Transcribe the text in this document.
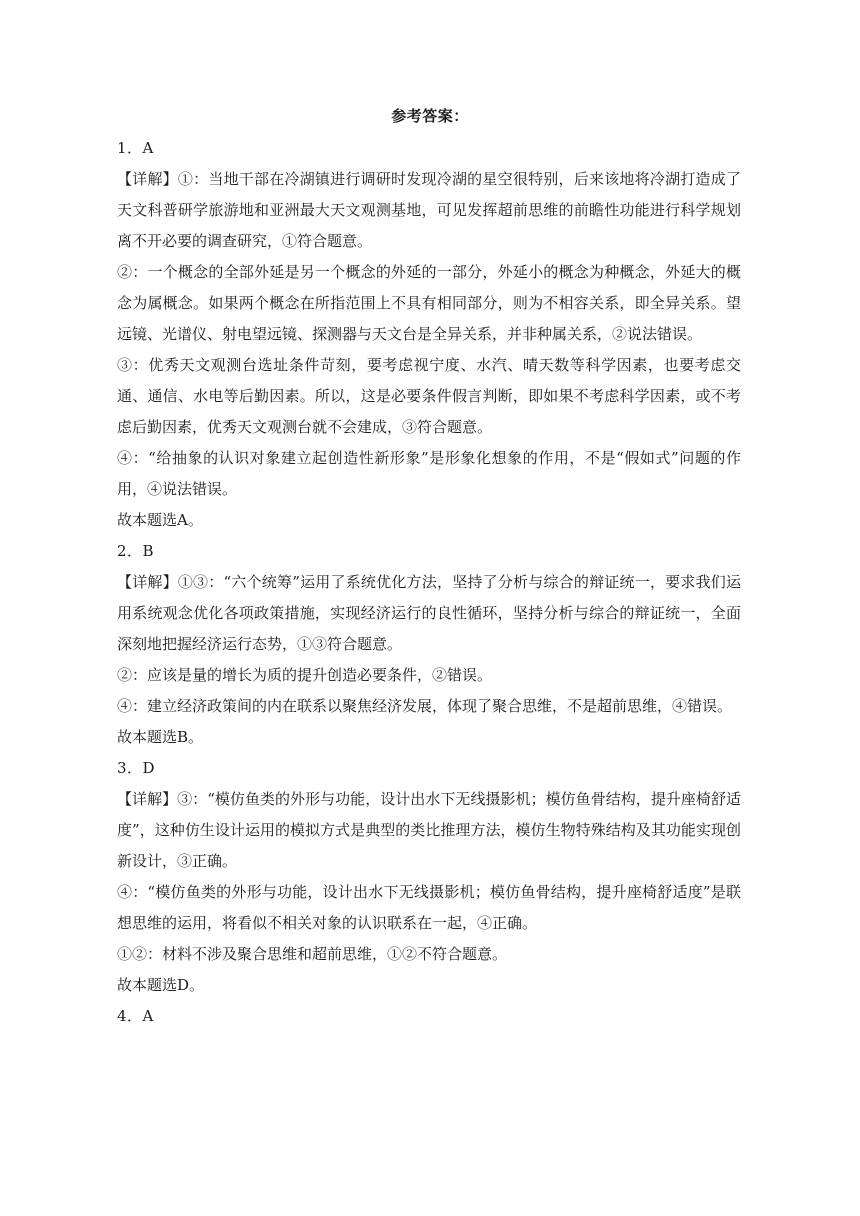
参考答案：

1．A

【详解】①：当地干部在冷湖镇进行调研时发现冷湖的星空很特别，后来该地将冷湖打造成了天文科普研学旅游地和亚洲最大天文观测基地，可见发挥超前思维的前瞻性功能进行科学规划离不开必要的调查研究，①符合题意。

②：一个概念的全部外延是另一个概念的外延的一部分，外延小的概念为种概念，外延大的概念为属概念。如果两个概念在所指范围上不具有相同部分，则为不相容关系，即全异关系。望远镜、光谱仪、射电望远镜、探测器与天文台是全异关系，并非种属关系，②说法错误。

③：优秀天文观测台选址条件苛刻，要考虑视宁度、水汽、晴天数等科学因素，也要考虑交通、通信、水电等后勤因素。所以，这是必要条件假言判断，即如果不考虑科学因素，或不考虑后勤因素，优秀天文观测台就不会建成，③符合题意。

④：“给抽象的认识对象建立起创造性新形象”是形象化想象的作用，不是“假如式”问题的作用，④说法错误。

故本题选A。

2．B

【详解】①③：“六个统筹”运用了系统优化方法，坚持了分析与综合的辩证统一，要求我们运用系统观念优化各项政策措施，实现经济运行的良性循环，坚持分析与综合的辩证统一，全面深刻地把握经济运行态势，①③符合题意。

②：应该是量的增长为质的提升创造必要条件，②错误。

④：建立经济政策间的内在联系以聚焦经济发展，体现了聚合思维，不是超前思维，④错误。

故本题选B。

3．D

【详解】③：“模仿鱼类的外形与功能，设计出水下无线摄影机；模仿鱼骨结构，提升座椅舒适度”，这种仿生设计运用的模拟方式是典型的类比推理方法，模仿生物特殊结构及其功能实现创新设计，③正确。

④：“模仿鱼类的外形与功能，设计出水下无线摄影机；模仿鱼骨结构，提升座椅舒适度”是联想思维的运用，将看似不相关对象的认识联系在一起，④正确。

①②：材料不涉及聚合思维和超前思维，①②不符合题意。

故本题选D。

4．A
